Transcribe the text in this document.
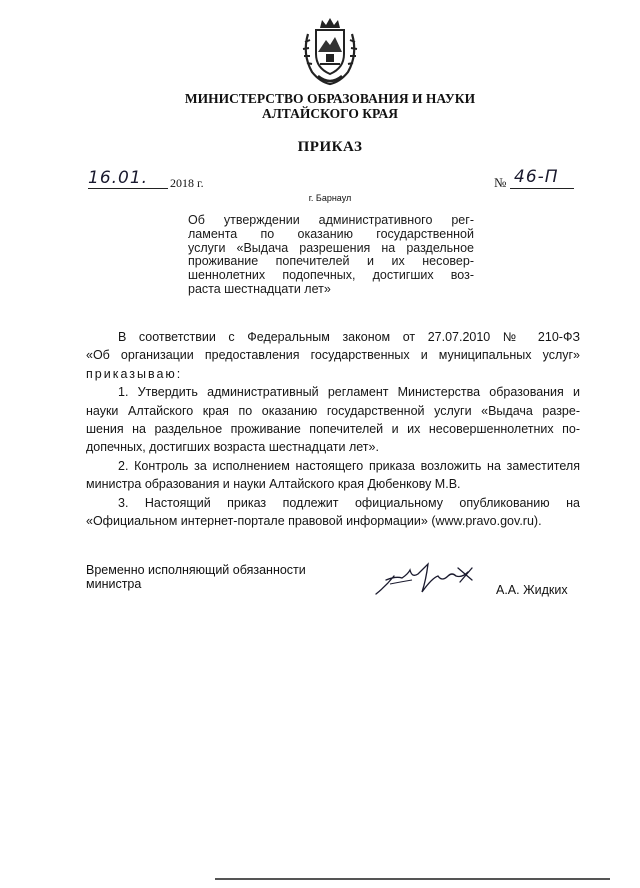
МИНИСТЕРСТВО ОБРАЗОВАНИЯ И НАУКИ
АЛТАЙСКОГО КРАЯ
ПРИКАЗ
16.01. 2018 г.	№ 46-П
г. Барнаул
Об утверждении административного рег-
ламента по оказанию государственной
услуги «Выдача разрешения на раздельное
проживание попечителей и их несовер-
шеннолетних подопечных, достигших воз-
раста шестнадцати лет»
В соответствии с Федеральным законом от 27.07.2010 № 210-ФЗ
«Об организации предоставления государственных и муниципальных услуг»
приказываю:
1. Утвердить административный регламент Министерства образования и
науки Алтайского края по оказанию государственной услуги «Выдача разре-
шения на раздельное проживание попечителей и их несовершеннолетних по-
допечных, достигших возраста шестнадцати лет».
2. Контроль за исполнением настоящего приказа возложить на заместителя
министра образования и науки Алтайского края Дюбенкову М.В.
3. Настоящий приказ подлежит официальному опубликованию на
«Официальном интернет-портале правовой информации» (www.pravo.gov.ru).
Временно исполняющий обязанности
министра	А.А. Жидких
